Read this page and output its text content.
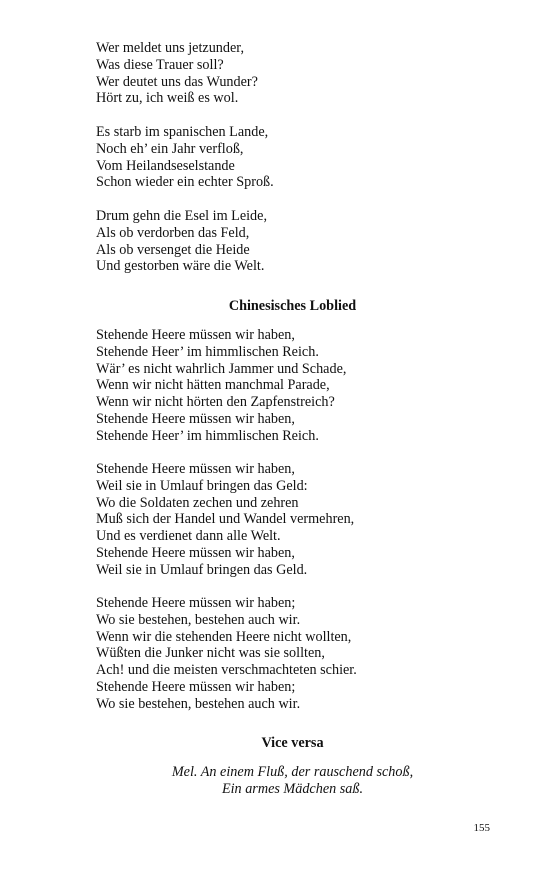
Wer meldet uns jetzunder,
Was diese Trauer soll?
Wer deutet uns das Wunder?
Hört zu, ich weiß es wol.
Es starb im spanischen Lande,
Noch eh’ ein Jahr verfloß,
Vom Heilandseselstande
Schon wieder ein echter Sproß.
Drum gehn die Esel im Leide,
Als ob verdorben das Feld,
Als ob versenget die Heide
Und gestorben wäre die Welt.
Chinesisches Loblied
Stehende Heere müssen wir haben,
Stehende Heer’ im himmlischen Reich.
Wär’ es nicht wahrlich Jammer und Schade,
Wenn wir nicht hätten manchmal Parade,
Wenn wir nicht hörten den Zapfenstreich?
Stehende Heere müssen wir haben,
Stehende Heer’ im himmlischen Reich.
Stehende Heere müssen wir haben,
Weil sie in Umlauf bringen das Geld:
Wo die Soldaten zechen und zehren
Muß sich der Handel und Wandel vermehren,
Und es verdienet dann alle Welt.
Stehende Heere müssen wir haben,
Weil sie in Umlauf bringen das Geld.
Stehende Heere müssen wir haben;
Wo sie bestehen, bestehen auch wir.
Wenn wir die stehenden Heere nicht wollten,
Wüßten die Junker nicht was sie sollten,
Ach! und die meisten verschmachteten schier.
Stehende Heere müssen wir haben;
Wo sie bestehen, bestehen auch wir.
Vice versa
Mel. An einem Fluß, der rauschend schoß,
Ein armes Mädchen saß.
155
